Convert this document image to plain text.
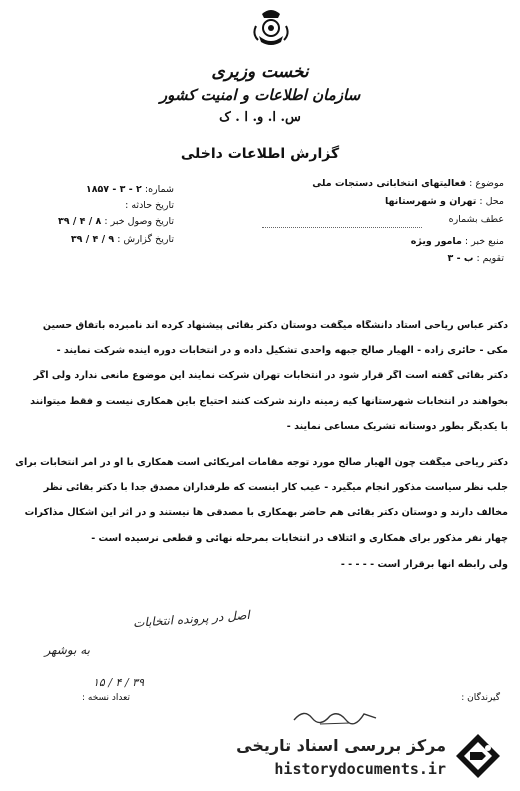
نخست وزیری
سازمان اطلاعات و امنیت کشور
س. ا. و. ا . ک
گزارش اطلاعات داخلی
موضوع : فعالیتهای انتخاباتی دستجات ملی
محل : تهران و شهرستانها
عطف بشماره
منبع خبر : مامور ویژه
تقویم : ب - ۳
شماره: ۲ - ۳ - ۱۸۵۷
تاریخ حادثه :
تاریخ وصول خبر : ۸ / ۴ / ۳۹
تاریخ گزارش : ۹ / ۴ / ۳۹
دکتر عباس ریاحی استاد دانشگاه میگفت دوستان دکتر بقائی پیشنهاد کرده اند نامبرده باتفاق حسین
مکی - حائری زاده - الهیار صالح جبهه واحدی تشکیل داده و در انتخابات دوره آینده شرکت نمایند -
دکتر بقائی گفته است اگر قرار شود در انتخابات تهران شرکت نمایند این موضوع مانعی ندارد ولی اگر
بخواهند در انتخابات شهرستانها کیه زمینه دارند شرکت کنند احتیاج باین همکاری نیست و فقط میتوانند
با یکدیگر بطور دوستانه تشریک مساعی نمایند -
دکتر ریاحی میگفت چون الهیار صالح مورد توجه مقامات آمریکائی است همکاری با او در امر انتخابات برای
جلب نظر سیاست مذکور انجام میگیرد - عیب کار اینست که طرفداران مصدق جدا با دکتر بقائی نظر
مخالف دارند و دوستان دکتر بقائی هم حاضر بهمکاری با مصدقی ها نیستند و در اثر این اشکال مذاکرات
چهار نفر مذکور برای همکاری و ائتلاف در انتخابات بمرحله نهائی و قطعی نرسیده است -
ولی رابطه آنها برقرار است - - - - -
اصل در پرونده انتخابات
به بوشهر
۳۹ / ۴ / ۱۵
تعداد نسخه :	گیرندگان :
مرکز بررسی اسناد تاریخی
historydocuments.ir
